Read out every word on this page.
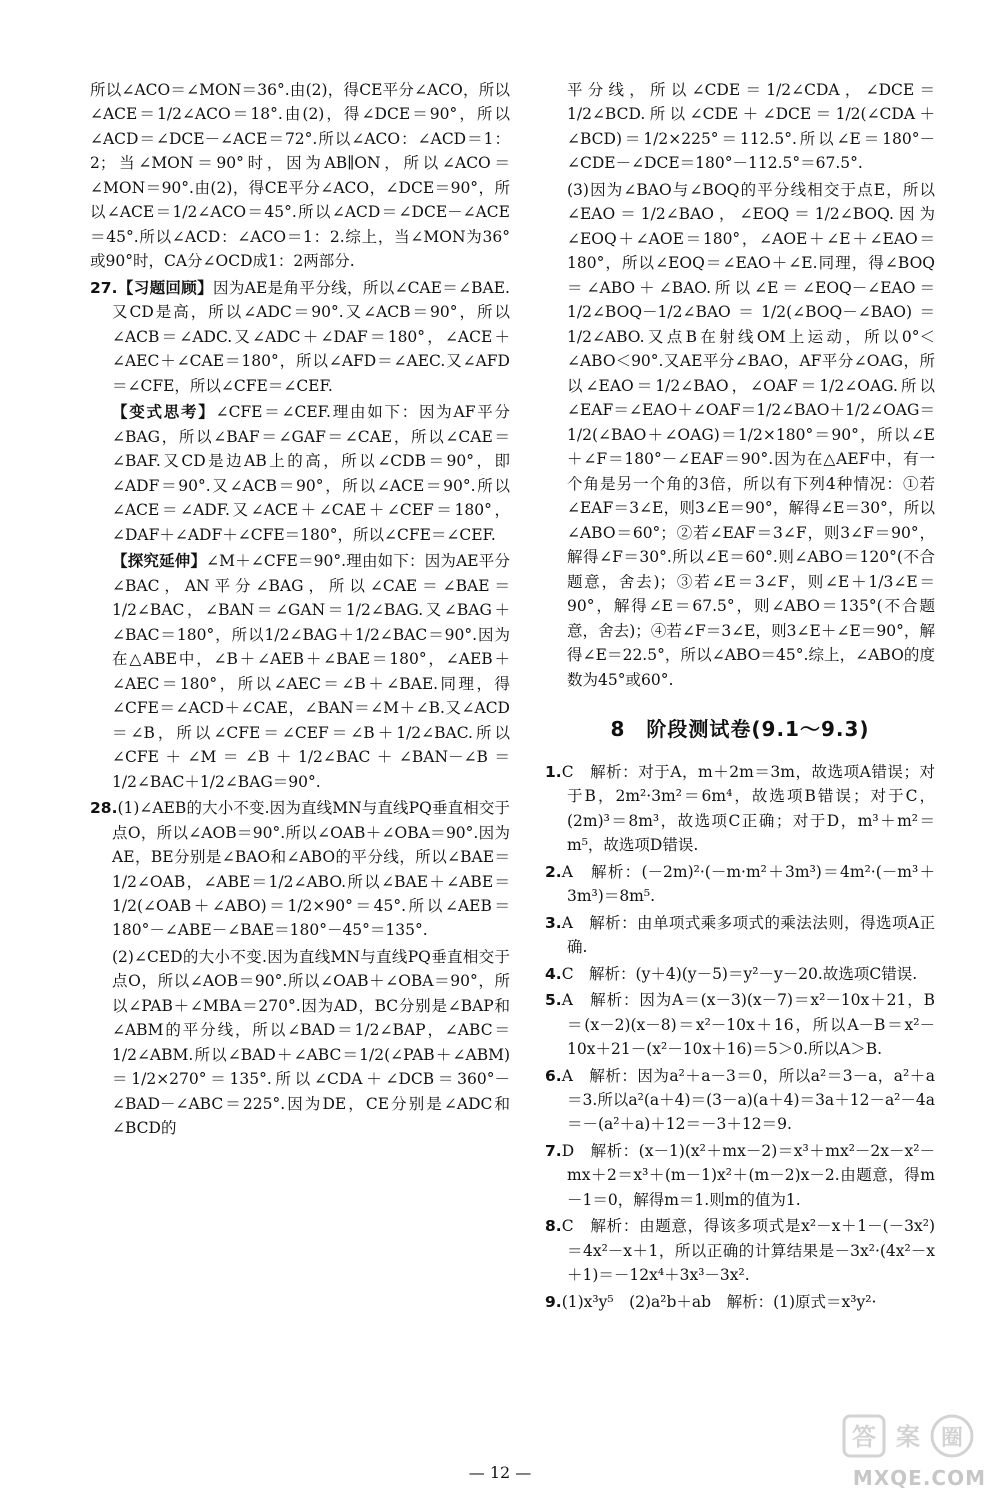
所以∠ACO＝∠MON＝36°.由(2)，得CE平分∠ACO，所以∠ACE＝1/2∠ACO＝18°.由(2)，得∠DCE＝90°，所以∠ACD＝∠DCE－∠ACE＝72°.所以∠ACO：∠ACD＝1：2；当∠MON＝90°时，因为AB∥ON，所以∠ACO＝∠MON＝90°.由(2)，得CE平分∠ACO，∠DCE＝90°，所以∠ACE＝1/2∠ACO＝45°.所以∠ACD＝∠DCE－∠ACE＝45°.所以∠ACD：∠ACO＝1：2.综上，当∠MON为36°或90°时，CA分∠OCD成1：2两部分.

27.【习题回顾】因为AE是角平分线，所以∠CAE＝∠BAE.又CD是高，所以∠ADC＝90°.又∠ACB＝90°，所以∠ACB＝∠ADC.又∠ADC＋∠DAF＝180°，∠ACE＋∠AEC＋∠CAE＝180°，所以∠AFD＝∠AEC.又∠AFD＝∠CFE，所以∠CFE＝∠CEF.

【变式思考】∠CFE＝∠CEF.理由如下：因为AF平分∠BAG，所以∠BAF＝∠GAF＝∠CAE，所以∠CAE＝∠BAF.又CD是边AB上的高，所以∠CDB＝90°，即∠ADF＝90°.又∠ACB＝90°，所以∠ACE＝90°.所以∠ACE＝∠ADF.又∠ACE＋∠CAE＋∠CEF＝180°，∠DAF＋∠ADF＋∠CFE＝180°，所以∠CFE＝∠CEF.

【探究延伸】∠M＋∠CFE＝90°.理由如下：因为AE平分∠BAC，AN平分∠BAG，所以∠CAE＝∠BAE＝1/2∠BAC，∠BAN＝∠GAN＝1/2∠BAG.又∠BAG＋∠BAC＝180°，所以1/2∠BAG＋1/2∠BAC＝90°.因为在△ABE中，∠B＋∠AEB＋∠BAE＝180°，∠AEB＋∠AEC＝180°，所以∠AEC＝∠B＋∠BAE.同理，得∠CFE＝∠ACD＋∠CAE，∠BAN＝∠M＋∠B.又∠ACD＝∠B，所以∠CFE＝∠CEF＝∠B＋1/2∠BAC.所以∠CFE＋∠M＝∠B＋1/2∠BAC＋∠BAN－∠B＝1/2∠BAC＋1/2∠BAG＝90°.

28.(1)∠AEB的大小不变.因为直线MN与直线PQ垂直相交于点O，所以∠AOB＝90°.所以∠OAB＋∠OBA＝90°.因为AE，BE分别是∠BAO和∠ABO的平分线，所以∠BAE＝1/2∠OAB，∠ABE＝1/2∠ABO.所以∠BAE＋∠ABE＝1/2(∠OAB＋∠ABO)＝1/2×90°＝45°.所以∠AEB＝180°－∠ABE－∠BAE＝180°－45°＝135°.

(2)∠CED的大小不变.因为直线MN与直线PQ垂直相交于点O，所以∠AOB＝90°.所以∠OAB＋∠OBA＝90°，所以∠PAB＋∠MBA＝270°.因为AD，BC分别是∠BAP和∠ABM的平分线，所以∠BAD＝1/2∠BAP，∠ABC＝1/2∠ABM.所以∠BAD＋∠ABC＝1/2(∠PAB＋∠ABM)＝1/2×270°＝135°.所以∠CDA＋∠DCB＝360°－∠BAD－∠ABC＝225°.因为DE，CE分别是∠ADC和∠BCD的

平分线，所以∠CDE＝1/2∠CDA，∠DCE＝1/2∠BCD.所以∠CDE＋∠DCE＝1/2(∠CDA＋∠BCD)＝1/2×225°＝112.5°.所以∠E＝180°－∠CDE－∠DCE＝180°－112.5°＝67.5°.

(3)因为∠BAO与∠BOQ的平分线相交于点E，所以∠EAO＝1/2∠BAO，∠EOQ＝1/2∠BOQ.因为∠EOQ＋∠AOE＝180°，∠AOE＋∠E＋∠EAO＝180°，所以∠EOQ＝∠EAO＋∠E.同理，得∠BOQ＝∠ABO＋∠BAO.所以∠E＝∠EOQ－∠EAO＝1/2∠BOQ－1/2∠BAO＝1/2(∠BOQ－∠BAO)＝1/2∠ABO.又点B在射线OM上运动，所以0°＜∠ABO＜90°.又AE平分∠BAO，AF平分∠OAG，所以∠EAO＝1/2∠BAO，∠OAF＝1/2∠OAG.所以∠EAF＝∠EAO＋∠OAF＝1/2∠BAO＋1/2∠OAG＝1/2(∠BAO＋∠OAG)＝1/2×180°＝90°，所以∠E＋∠F＝180°－∠EAF＝90°.因为在△AEF中，有一个角是另一个角的3倍，所以有下列4种情况：①若∠EAF＝3∠E，则3∠E＝90°，解得∠E＝30°，所以∠ABO＝60°；②若∠EAF＝3∠F，则3∠F＝90°，解得∠F＝30°.所以∠E＝60°.则∠ABO＝120°(不合题意，舍去)；③若∠E＝3∠F，则∠E＋1/3∠E＝90°，解得∠E＝67.5°，则∠ABO＝135°(不合题意，舍去)；④若∠F＝3∠E，则3∠E＋∠E＝90°，解得∠E＝22.5°，所以∠ABO＝45°.综上，∠ABO的度数为45°或60°.

8　阶段测试卷(9.1～9.3)

1.C　解析：对于A，m＋2m＝3m，故选项A错误；对于B，2m²·3m²＝6m⁴，故选项B错误；对于C，(2m)³＝8m³，故选项C正确；对于D，m³＋m²＝m⁵，故选项D错误.

2.A　解析：(－2m)²·(－m·m²＋3m³)＝4m²·(－m³＋3m³)＝8m⁵.

3.A　解析：由单项式乘多项式的乘法法则，得选项A正确.

4.C　解析：(y＋4)(y－5)＝y²－y－20.故选项C错误.

5.A　解析：因为A＝(x－3)(x－7)＝x²－10x＋21，B＝(x－2)(x－8)＝x²－10x＋16，所以A－B＝x²－10x＋21－(x²－10x＋16)＝5＞0.所以A＞B.

6.A　解析：因为a²＋a－3＝0，所以a²＝3－a，a²＋a＝3.所以a²(a＋4)＝(3－a)(a＋4)＝3a＋12－a²－4a＝－(a²＋a)＋12＝－3＋12＝9.

7.D　解析：(x－1)(x²＋mx－2)＝x³＋mx²－2x－x²－mx＋2＝x³＋(m－1)x²＋(m－2)x－2.由题意，得m－1＝0，解得m＝1.则m的值为1.

8.C　解析：由题意，得该多项式是x²－x＋1－(－3x²)＝4x²－x＋1，所以正确的计算结果是－3x²·(4x²－x＋1)＝－12x⁴＋3x³－3x².

9.(1)x³y⁵　(2)a²b＋ab　解析：(1)原式＝x³y²·

— 12 —
答 案 圈
MXQE.COM
